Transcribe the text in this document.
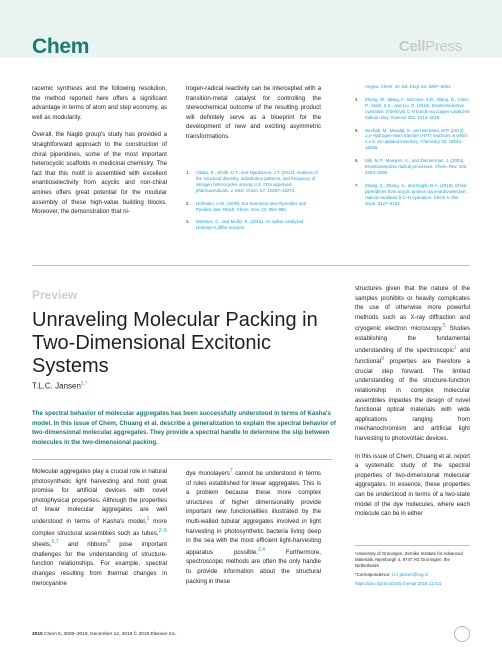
Chem	CellPress

racemic synthesis and the following resolution, the method reported here offers a significant advantage in terms of atom and step economy, as well as modularity.

Overall, the Nagib group's study has provided a straightforward approach to the construction of chiral piperidines, some of the most important heterocyclic scaffolds in medicinal chemistry. The fact that this motif is assembled with excellent enantioselectivity from acyclic and non-chiral amines offers great potential for the modular assembly of these high-value building blocks. Moreover, the demonstration that ni-

trogen-radical reactivity can be intercepted with a transition-metal catalyst for controlling the stereochemical outcome of the resulting product will definitely serve as a blueprint for the development of new and exciting asymmetric transformations.

1. Vitaku, E., Smith, D.T., and Njardarson, J.T. (2014). Analysis of the structural diversity, substitution patterns, and frequency of nitrogen heterocycles among U.S. FDA approved pharmaceuticals. J. Med. Chem. 57, 10257–10274.
2. Hofmann, A.W. (1879). Zur Kenntniss des Piperidins und Pyridins. Ber. Dtsch. Chem. Ges. 12, 984–990.
3. Martinez, C., and Muñiz, K. (2015). An iodine-catalyzed Hofmann-Löffler reaction.
Angew. Chem. Int. Ed. Engl. 54, 8287–8291.
4. Zhang, W., Wang, F., McCann, S.D., Wang, D., Chen, P., Stahl, S.S., and Liu, G. (2016). Enantioselective cyanation of benzylic C-H bonds via copper-catalyzed radical relay. Science 353, 1014–1018.
5. Nechab, M., Mondal, S., and Bertrand, M.P. (2014). 1,n-Hydrogen-atom transfer (HAT) reactions in which n ≠ 5: an updated inventory. Chemistry 20, 16034–16059.
6. Sibi, M.P., Manyem, S., and Zimmerman, J. (2003). Enantioselective radical processes. Chem. Rev. 103, 3263–3296.
7. Zhang, Z., Zhang, X., and Nagib, D.A. (2019). Chiral piperidines from acyclic amines via enantioselective, radical-mediated δ C–H cyanation. Chem 5, this issue, 3127–3134.
Preview
Unraveling Molecular Packing in Two-Dimensional Excitonic Systems
T.L.C. Jansen$^{1,*}$
The spectral behavior of molecular aggregates has been successfully understood in terms of Kasha's model. In this issue of Chem, Chuang et al. describe a generalization to explain the spectral behavior of two-dimensional molecular aggregates. They provide a spectral handle to determine the slip between molecules in the two-dimensional packing.

Molecular aggregates play a crucial role in natural photosynthetic light harvesting and hold great promise for artificial devices with novel photophysical properties. Although the properties of linear molecular aggregates are well understood in terms of Kasha's model,$^1$ more complex structural assemblies such as tubes,$^{2-5}$ sheets,$^{6,7}$ and ribbons$^8$ pose important challenges for the understanding of structure-function relationships. For example, spectral changes resulting from thermal changes in merocyanine

dye monolayers$^7$ cannot be understood in terms of rules established for linear aggregates. This is a problem because these more complex structures of higher dimensionality provide important new functionalities illustrated by the multi-walled tubular aggregates involved in light harvesting in photosynthetic bacteria living deep in the sea with the most efficient light-harvesting apparatus possible.$^{2,4}$ Furthermore, spectroscopic methods are often the only handle to provide information about the structural packing in these

structures given that the nature of the samples prohibits or heavily complicates the use of otherwise more powerful methods such as X-ray diffraction and cryogenic electron microscopy.$^5$ Studies establishing the fundamental understanding of the spectroscopic$^1$ and functional$^9$ properties are therefore a crucial step forward. The limited understanding of the structure-function relationship in complex molecular assemblies impedes the design of novel functional optical materials with wide applications ranging from mechanochromism and artificial light harvesting to photovoltaic devices.

In this issue of Chem, Chuang et al. report a systematic study of the spectral properties of two-dimensional molecular aggregates. In essence, these properties can be understood in terms of a two-state model of the dye molecules, where each molecule can be in either

¹University of Groningen, Zernike Institute for Advanced Materials, Nijenborgh 4, 9747 AG Groningen, the Netherlands

*Correspondence: t.l.c.jansen@rug.nl

https://doi.org/10.1016/j.chempr.2019.11.011

3010 Chem 5, 3006–3019, December 12, 2019 © 2019 Elsevier Inc.
